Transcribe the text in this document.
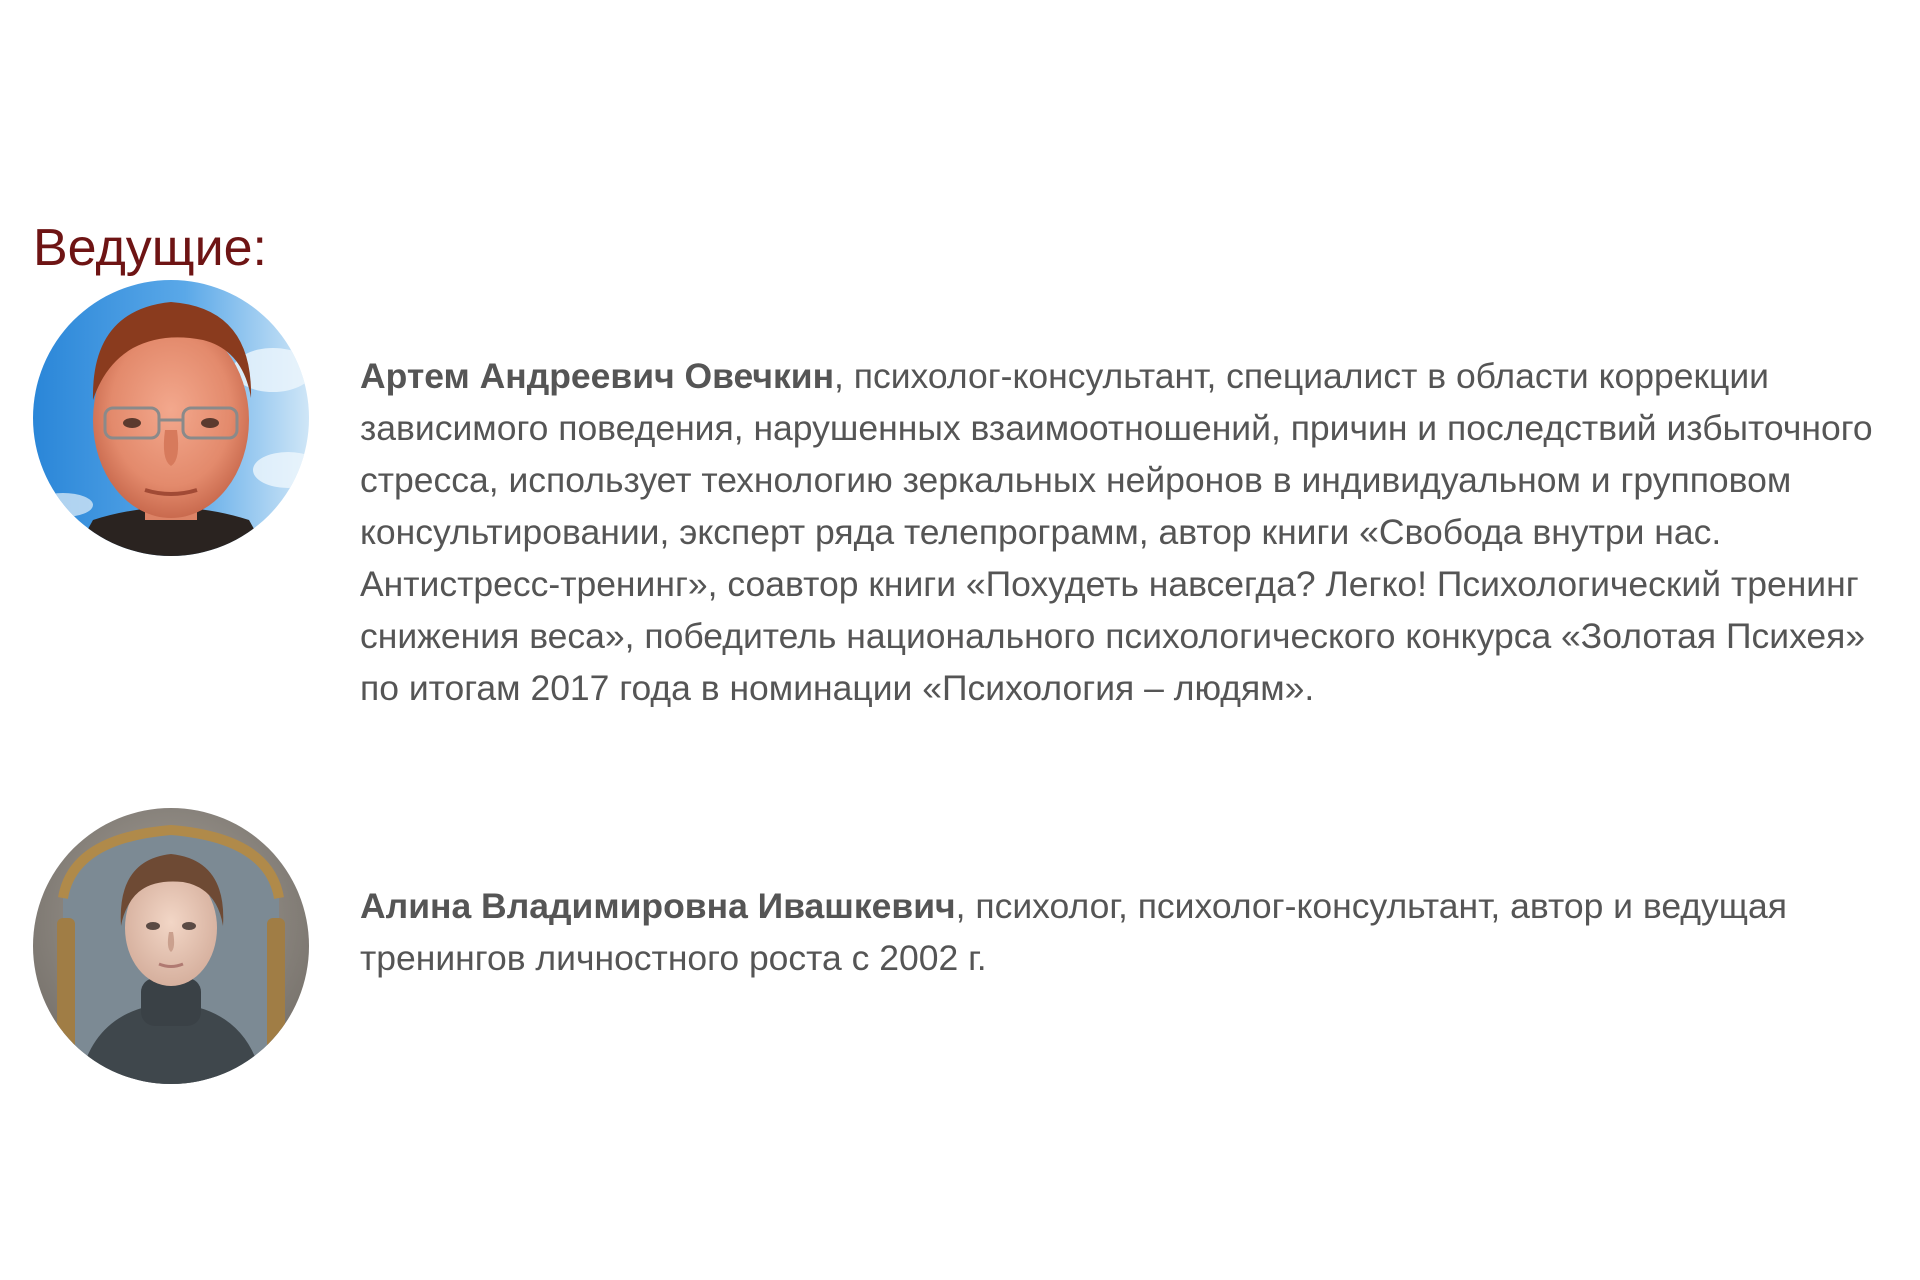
Ведущие:

Артем Андреевич Овечкин, психолог-консультант, специалист в области коррекции зависимого поведения, нарушенных взаимоотношений, причин и последствий избыточного стресса, использует технологию зеркальных нейронов в индивидуальном и групповом консультировании, эксперт ряда телепрограмм, автор книги «Свобода внутри нас. Антистресс-тренинг», соавтор книги «Похудеть навсегда? Легко! Психологический тренинг снижения веса», победитель национального психологического конкурса «Золотая Психея» по итогам 2017 года в номинации «Психология – людям».

Алина Владимировна Ивашкевич, психолог, психолог-консультант, автор и ведущая тренингов личностного роста с 2002 г.
